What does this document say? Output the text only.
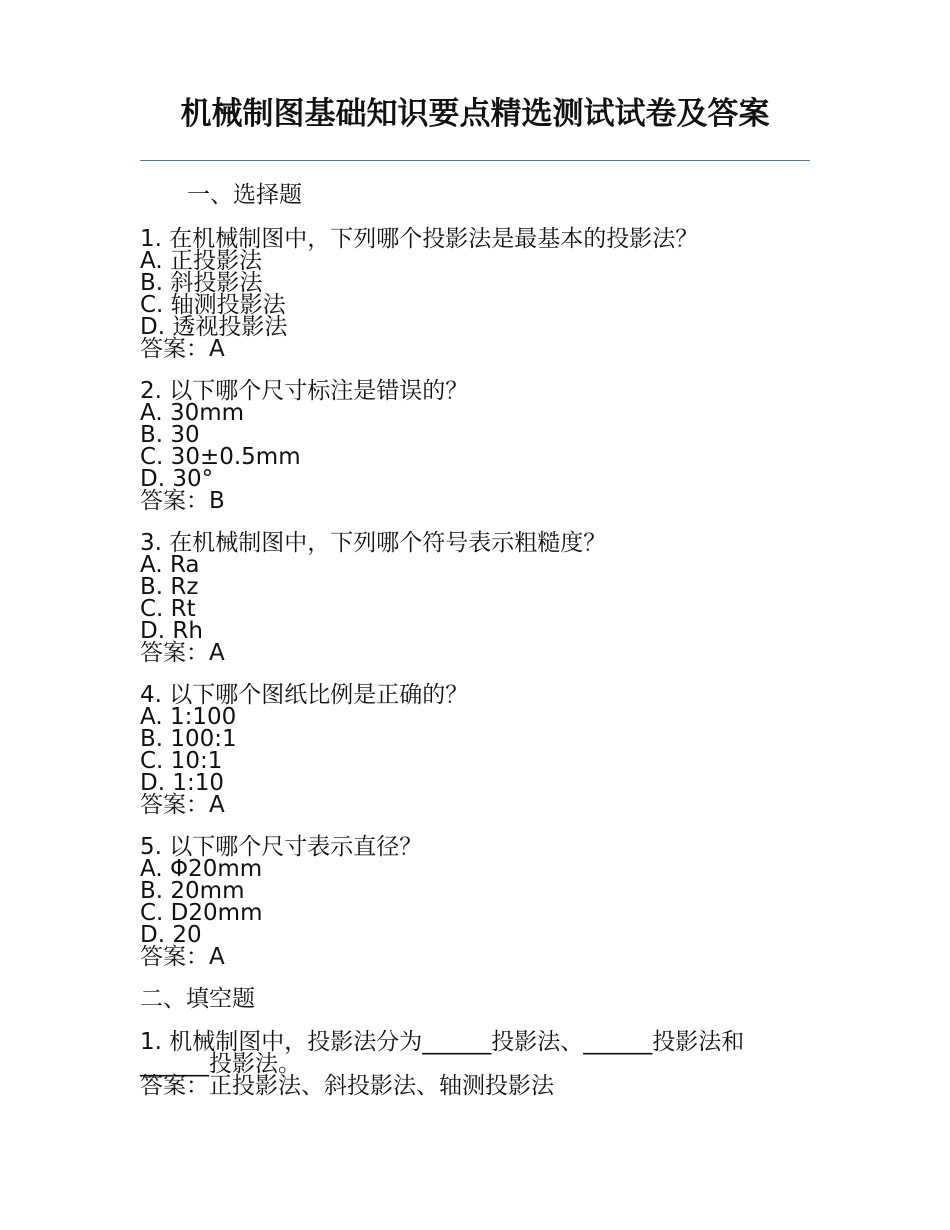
机械制图基础知识要点精选测试试卷及答案
一、选择题
1. 在机械制图中，下列哪个投影法是最基本的投影法？
A. 正投影法
B. 斜投影法
C. 轴测投影法
D. 透视投影法
答案：A
2. 以下哪个尺寸标注是错误的？
A. 30mm
B. 30
C. 30±0.5mm
D. 30°
答案：B
3. 在机械制图中，下列哪个符号表示粗糙度？
A. Ra
B. Rz
C. Rt
D. Rh
答案：A
4. 以下哪个图纸比例是正确的？
A. 1:100
B. 100:1
C. 10:1
D. 1:10
答案：A
5. 以下哪个尺寸表示直径？
A. Φ20mm
B. 20mm
C. D20mm
D. 20
答案：A
二、填空题
1. 机械制图中，投影法分为______投影法、______投影法和
______投影法。
答案：正投影法、斜投影法、轴测投影法
